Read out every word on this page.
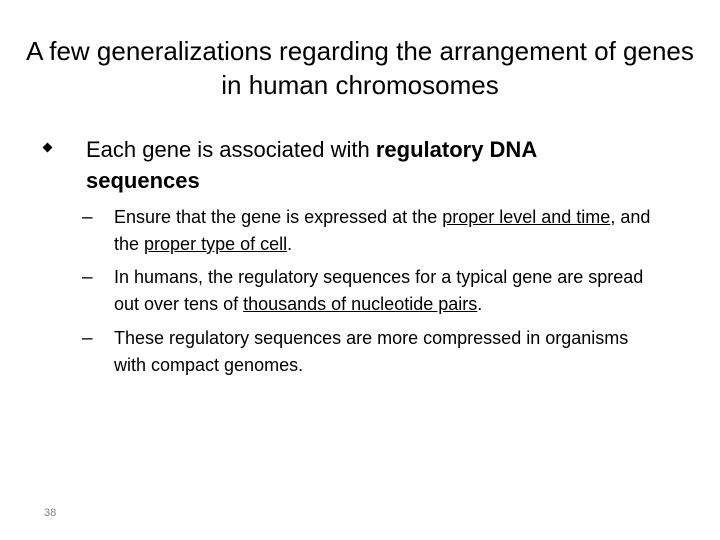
A few generalizations regarding the arrangement of genes in human chromosomes
Each gene is associated with regulatory DNA sequences
– Ensure that the gene is expressed at the proper level and time, and the proper type of cell.
– In humans, the regulatory sequences for a typical gene are spread out over tens of thousands of nucleotide pairs.
– These regulatory sequences are more compressed in organisms with compact genomes.
38
